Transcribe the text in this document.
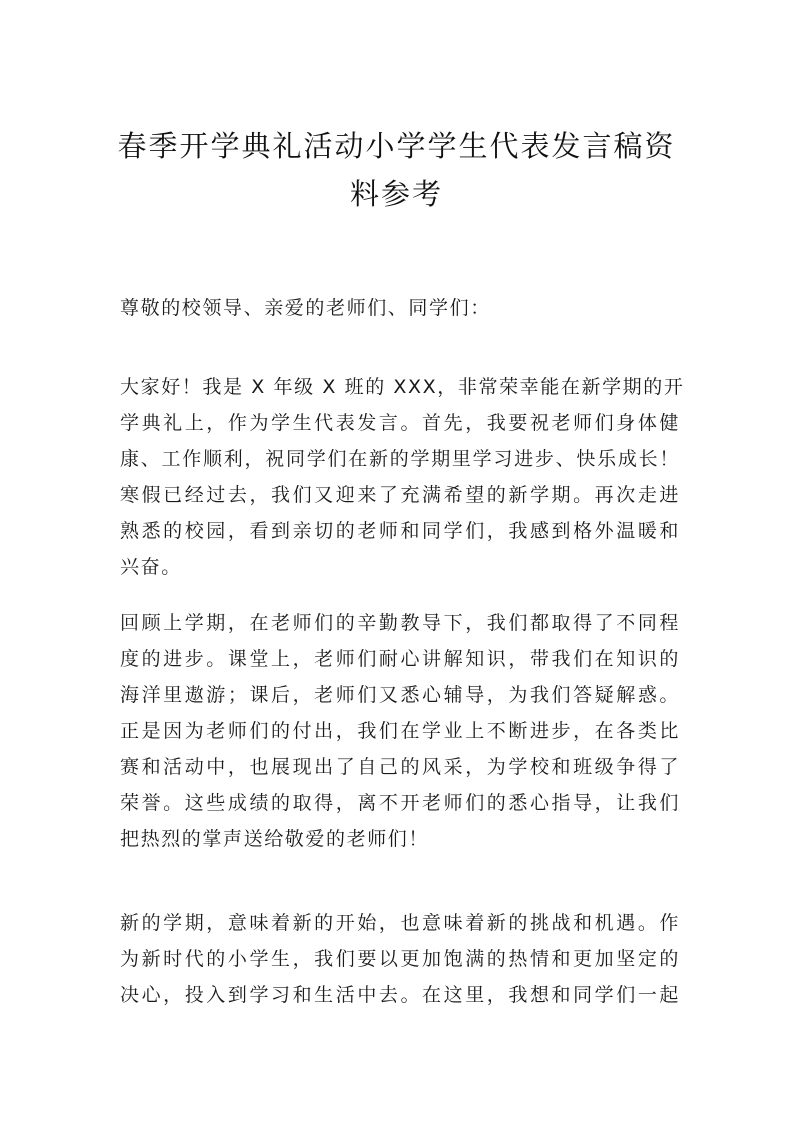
春季开学典礼活动小学学生代表发言稿资
料参考
尊敬的校领导、亲爱的老师们、同学们：
大家好！我是 X 年级 X 班的 XXX，非常荣幸能在新学期的开
学典礼上，作为学生代表发言。首先，我要祝老师们身体健
康、工作顺利，祝同学们在新的学期里学习进步、快乐成长！
寒假已经过去，我们又迎来了充满希望的新学期。再次走进
熟悉的校园，看到亲切的老师和同学们，我感到格外温暖和
兴奋。
回顾上学期，在老师们的辛勤教导下，我们都取得了不同程
度的进步。课堂上，老师们耐心讲解知识，带我们在知识的
海洋里遨游；课后，老师们又悉心辅导，为我们答疑解惑。
正是因为老师们的付出，我们在学业上不断进步，在各类比
赛和活动中，也展现出了自己的风采，为学校和班级争得了
荣誉。这些成绩的取得，离不开老师们的悉心指导，让我们
把热烈的掌声送给敬爱的老师们！
新的学期，意味着新的开始，也意味着新的挑战和机遇。作
为新时代的小学生，我们要以更加饱满的热情和更加坚定的
决心，投入到学习和生活中去。在这里，我想和同学们一起
